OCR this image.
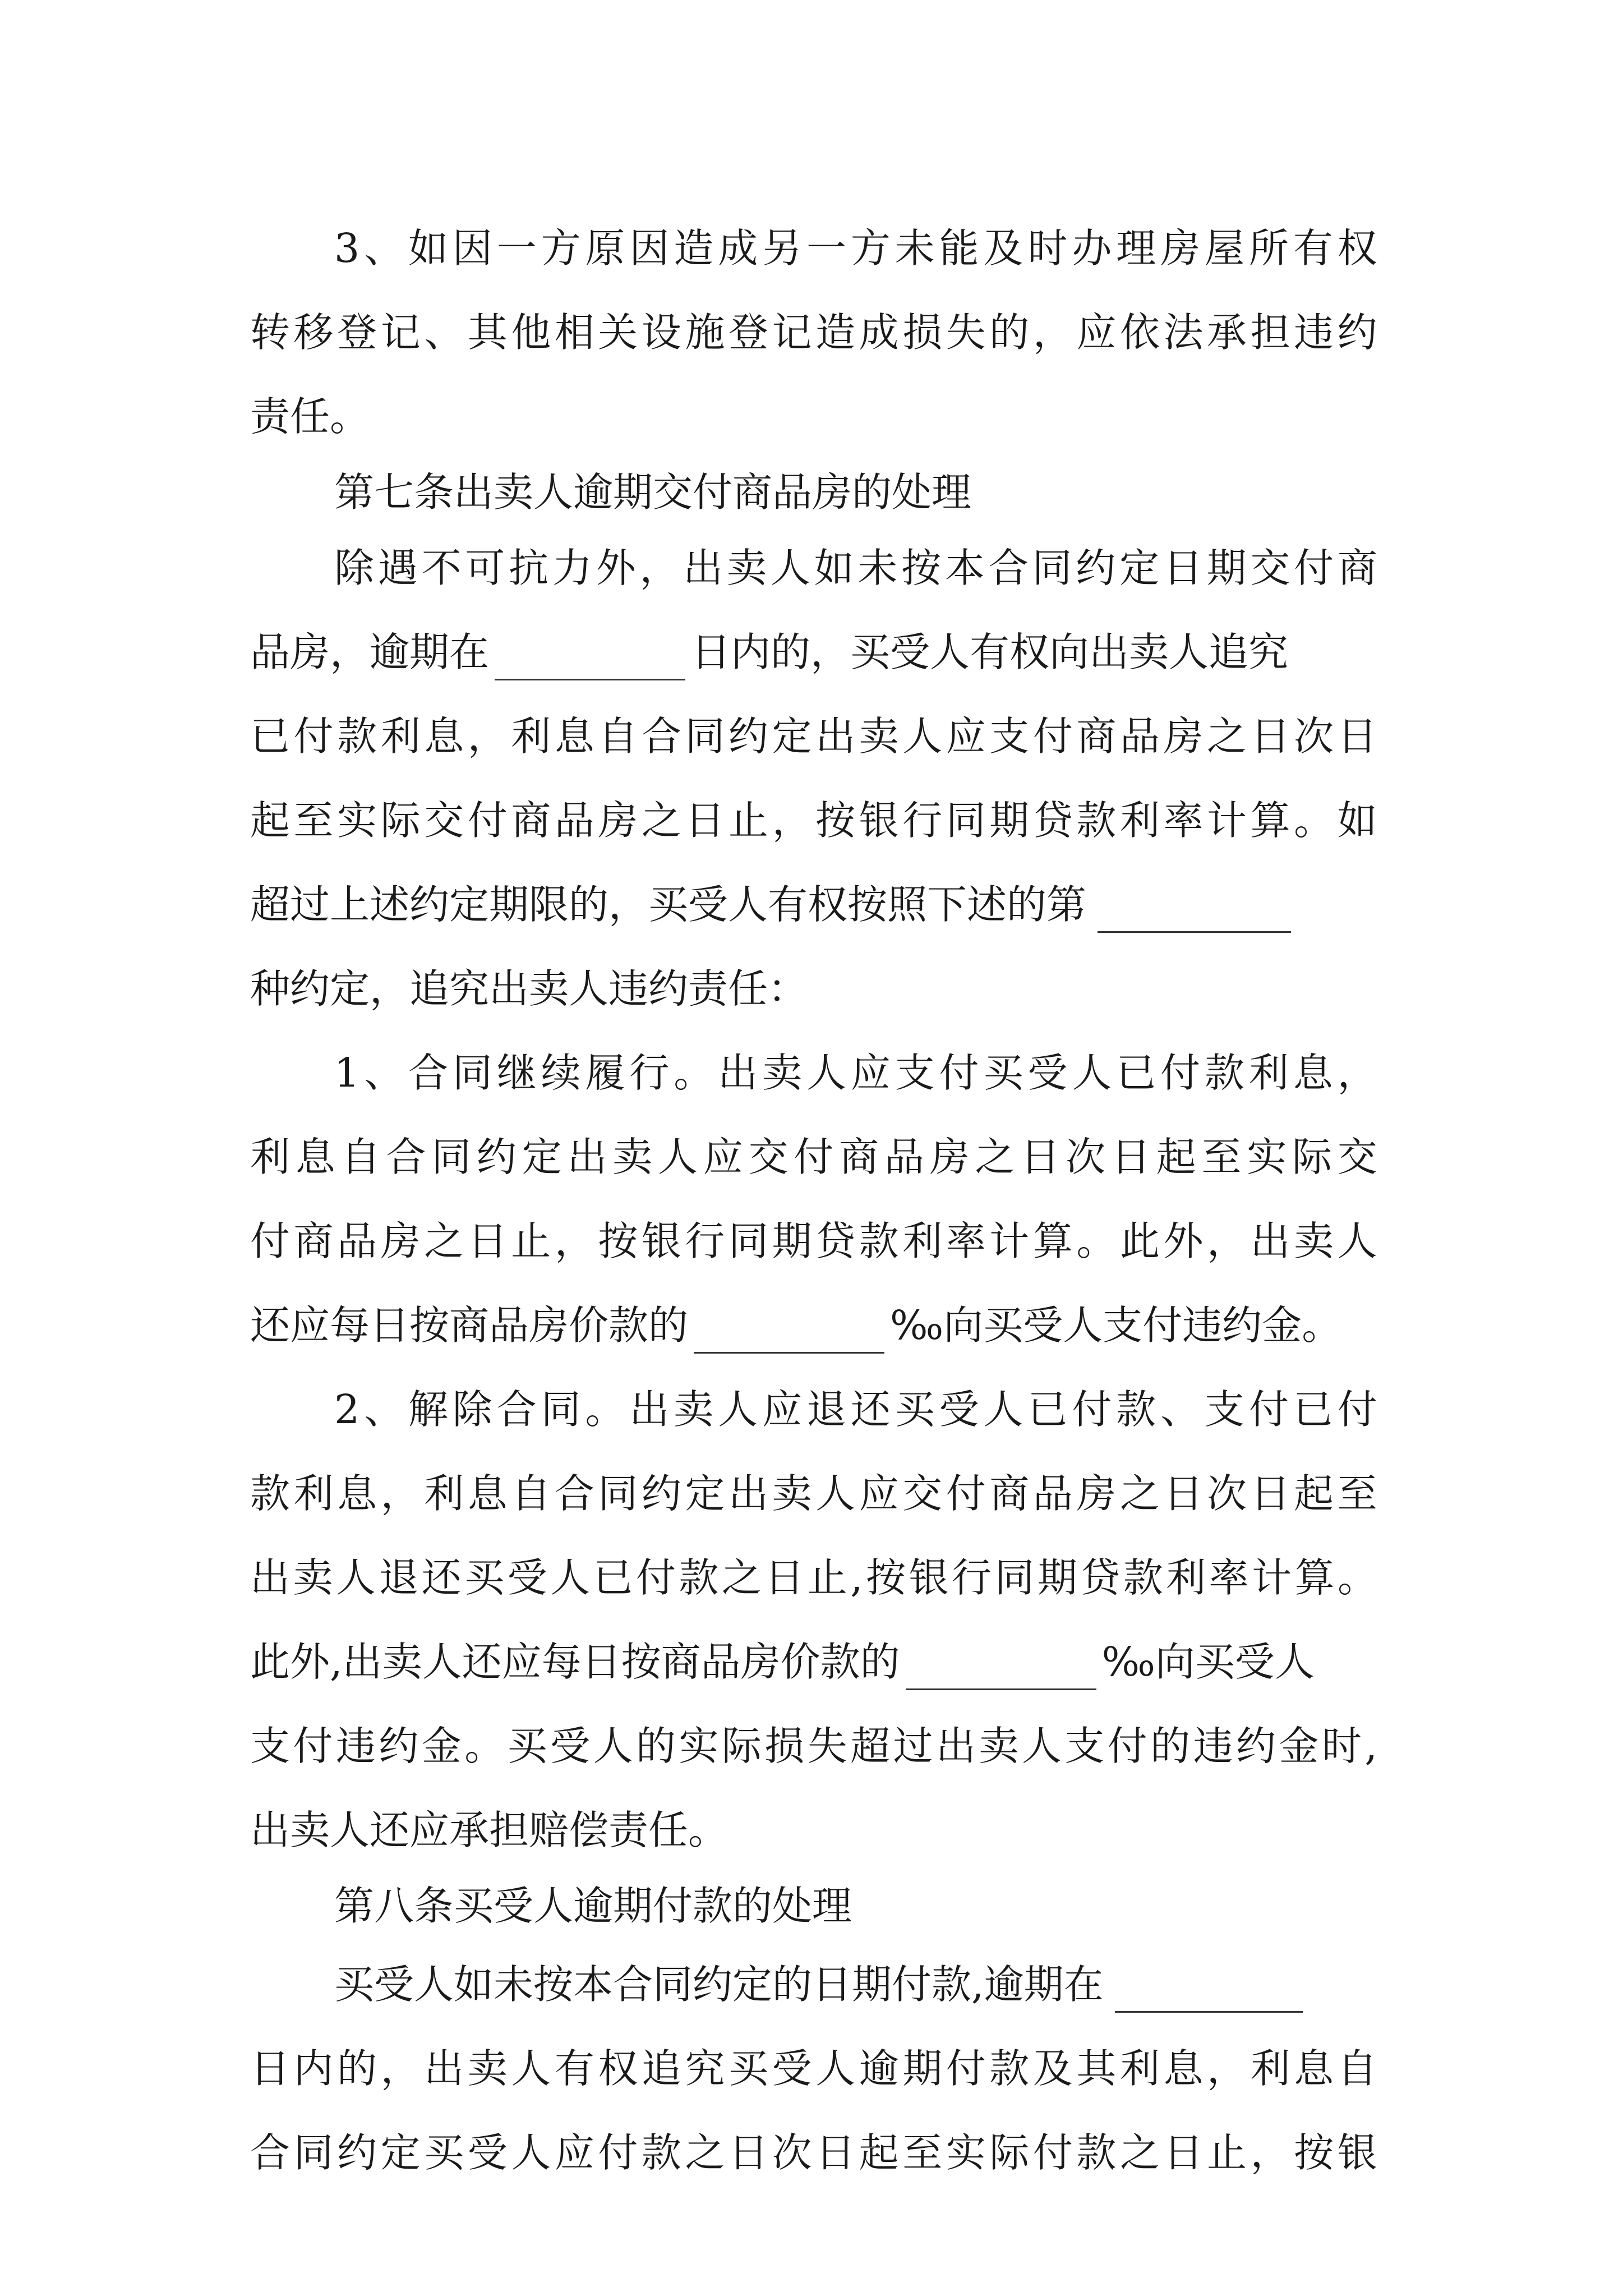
3 、 如 因 一 方 原 因 造 成 另 一 方 未 能 及 时 办 理 房 屋 所 有 权
转 移 登 记 、 其 他 相 关 设 施 登 记 造 成 损 失 的 ， 应 依 法 承 担 违 约
责任。
第七条出卖人逾期交付商品房的处理
除 遇 不 可 抗 力 外 ， 出 卖 人 如 未 按 本 合 同 约 定 日 期 交 付 商
品房，逾期在	日内的，买受人有权向出卖人追究
已 付 款 利 息 ， 利 息 自 合 同 约 定 出 卖 人 应 支 付 商 品 房 之 日 次 日
起 至 实 际 交 付 商 品 房 之 日 止 ， 按 银 行 同 期 贷 款 利 率 计 算 。 如
超过上述约定期限的，买受人有权按照下述的第
种约定，追究出卖人违约责任：
1 、 合 同 继 续 履 行 。 出 卖 人 应 支 付 买 受 人 已 付 款 利 息 ，
利 息 自 合 同 约 定 出 卖 人 应 交 付 商 品 房 之 日 次 日 起 至 实 际 交
付 商 品 房 之 日 止 ， 按 银 行 同 期 贷 款 利 率 计 算 。 此 外 ， 出 卖 人
还应每日按商品房价款的	‰向买受人支付违约金。
2 、 解 除 合 同 。 出 卖 人 应 退 还 买 受 人 已 付 款 、 支 付 已 付
款 利 息 ， 利 息 自 合 同 约 定 出 卖 人 应 交 付 商 品 房 之 日 次 日 起 至
出 卖 人 退 还 买 受 人 已 付 款 之 日 止 , 按 银 行 同 期 贷 款 利 率 计 算 。
此外,出卖人还应每日按商品房价款的	‰向买受人
支 付 违 约 金 。 买 受 人 的 实 际 损 失 超 过 出 卖 人 支 付 的 违 约 金 时 ,
出卖人还应承担赔偿责任。
第八条买受人逾期付款的处理
买受人如未按本合同约定的日期付款,逾期在
日 内 的 ， 出 卖 人 有 权 追 究 买 受 人 逾 期 付 款 及 其 利 息 ， 利 息 自
合 同 约 定 买 受 人 应 付 款 之 日 次 日 起 至 实 际 付 款 之 日 止 ， 按 银
